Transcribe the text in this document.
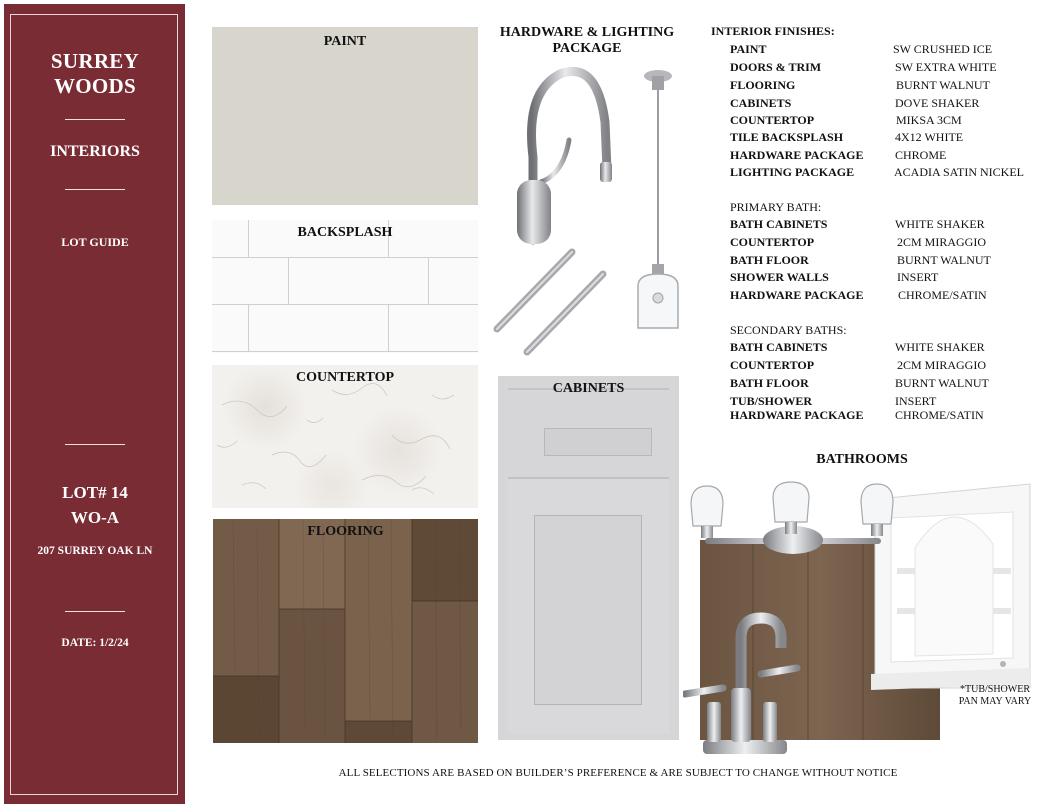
SURREY
WOODS
INTERIORS
LOT GUIDE
LOT# 14
WO-A
207 SURREY OAK LN
DATE: 1/2/24
PAINT
BACKSPLASH
COUNTERTOP
FLOORING
HARDWARE & LIGHTING
PACKAGE
CABINETS
INTERIOR FINISHES:
PAINT	SW CRUSHED ICE
DOORS & TRIM	SW EXTRA WHITE
FLOORING	BURNT WALNUT
CABINETS	DOVE SHAKER
COUNTERTOP	MIKSA 3CM
TILE BACKSPLASH	4X12 WHITE
HARDWARE PACKAGE	CHROME
LIGHTING PACKAGE	ACADIA SATIN NICKEL
PRIMARY BATH:
BATH CABINETS	WHITE SHAKER
COUNTERTOP	2CM MIRAGGIO
BATH FLOOR	BURNT WALNUT
SHOWER WALLS	INSERT
HARDWARE PACKAGE	CHROME/SATIN
SECONDARY BATHS:
BATH CABINETS	WHITE SHAKER
COUNTERTOP	2CM MIRAGGIO
BATH FLOOR	BURNT WALNUT
TUB/SHOWER	INSERT
HARDWARE PACKAGE	CHROME/SATIN
BATHROOMS
*TUB/SHOWER
PAN MAY VARY
ALL SELECTIONS ARE BASED ON BUILDER’S PREFERENCE & ARE SUBJECT TO CHANGE WITHOUT NOTICE
